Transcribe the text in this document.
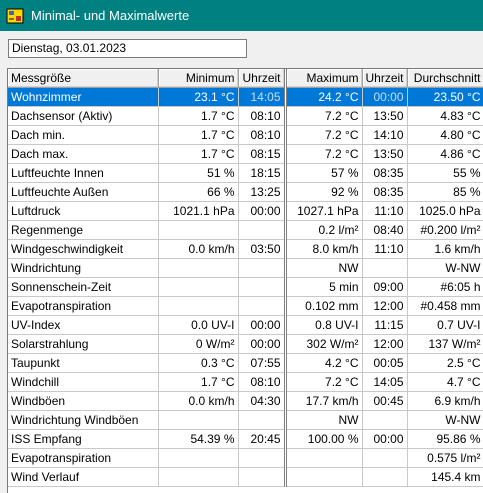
Minimal- und Maximalwerte
Dienstag, 03.01.2023
Messgröße	Minimum	Uhrzeit	Maximum	Uhrzeit	Durchschnitt
Wohnzimmer	23.1 °C	14:05	24.2 °C	00:00	23.50 °C
Dachsensor (Aktiv)	1.7 °C	08:10	7.2 °C	13:50	4.83 °C
Dach min.	1.7 °C	08:10	7.2 °C	14:10	4.80 °C
Dach max.	1.7 °C	08:15	7.2 °C	13:50	4.86 °C
Luftfeuchte Innen	51 %	18:15	57 %	08:35	55 %
Luftfeuchte Außen	66 %	13:25	92 %	08:35	85 %
Luftdruck	1021.1 hPa	00:00	1027.1 hPa	11:10	1025.0 hPa
Regenmenge			0.2 l/m²	08:40	#0.200 l/m²
Windgeschwindigkeit	0.0 km/h	03:50	8.0 km/h	11:10	1.6 km/h
Windrichtung			NW		W-NW
Sonnenschein-Zeit			5 min	09:00	#6:05 h
Evapotranspiration			0.102 mm	12:00	#0.458 mm
UV-Index	0.0 UV-I	00:00	0.8 UV-I	11:15	0.7 UV-I
Solarstrahlung	0 W/m²	00:00	302 W/m²	12:00	137 W/m²
Taupunkt	0.3 °C	07:55	4.2 °C	00:05	2.5 °C
Windchill	1.7 °C	08:10	7.2 °C	14:05	4.7 °C
Windböen	0.0 km/h	04:30	17.7 km/h	00:45	6.9 km/h
Windrichtung Windböen			NW		W-NW
ISS Empfang	54.39 %	20:45	100.00 %	00:00	95.86 %
Evapotranspiration					0.575 l/m²
Wind Verlauf					145.4 km
